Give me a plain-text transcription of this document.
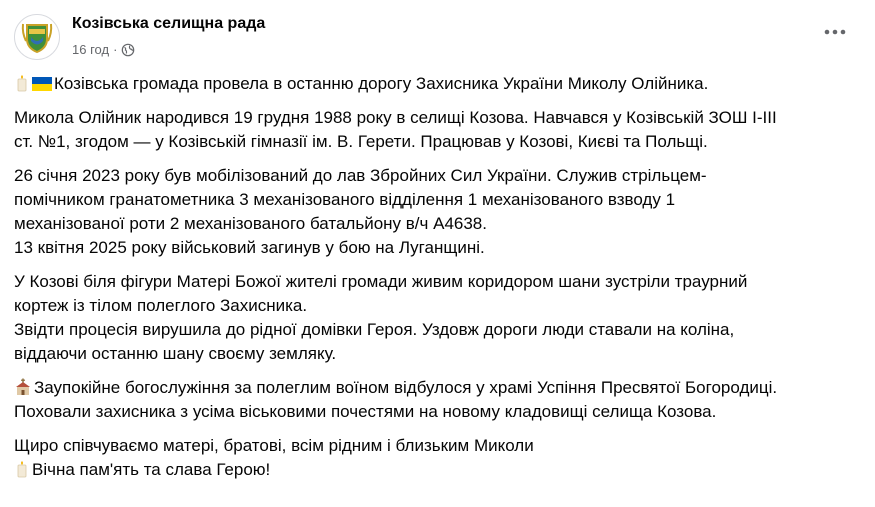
Козівська селищна рада
16 год ·

Козівська громада провела в останню дорогу Захисника України Миколу Олійника.

Микола Олійник народився 19 грудня 1988 року в селищі Козова. Навчався у Козівській ЗОШ І-ІІІ
ст. №1, згодом — у Козівській гімназії ім. В. Герети. Працював у Козові, Києві та Польщі.

26 січня 2023 року був мобілізований до лав Збройних Сил України. Служив стрільцем-
помічником гранатометника 3 механізованого відділення 1 механізованого взводу 1
механізованої роти 2 механізованого батальйону в/ч А4638.
13 квітня 2025 року військовий загинув у бою на Луганщині.

У Козові біля фігури Матері Божої жителі громади живим коридором шани зустріли траурний
кортеж із тілом полеглого Захисника.
Звідти процесія вирушила до рідної домівки Героя. Уздовж дороги люди ставали на коліна,
віддаючи останню шану своєму земляку.

Заупокійне богослужіння за полеглим воїном відбулося у храмі Успіння Пресвятої Богородиці.
Поховали захисника з усіма віськовими почестями на новому кладовищі селища Козова.

Щиро співчуваємо матері, братові, всім рідним і близьким Миколи
Вічна пам'ять та слава Герою!
